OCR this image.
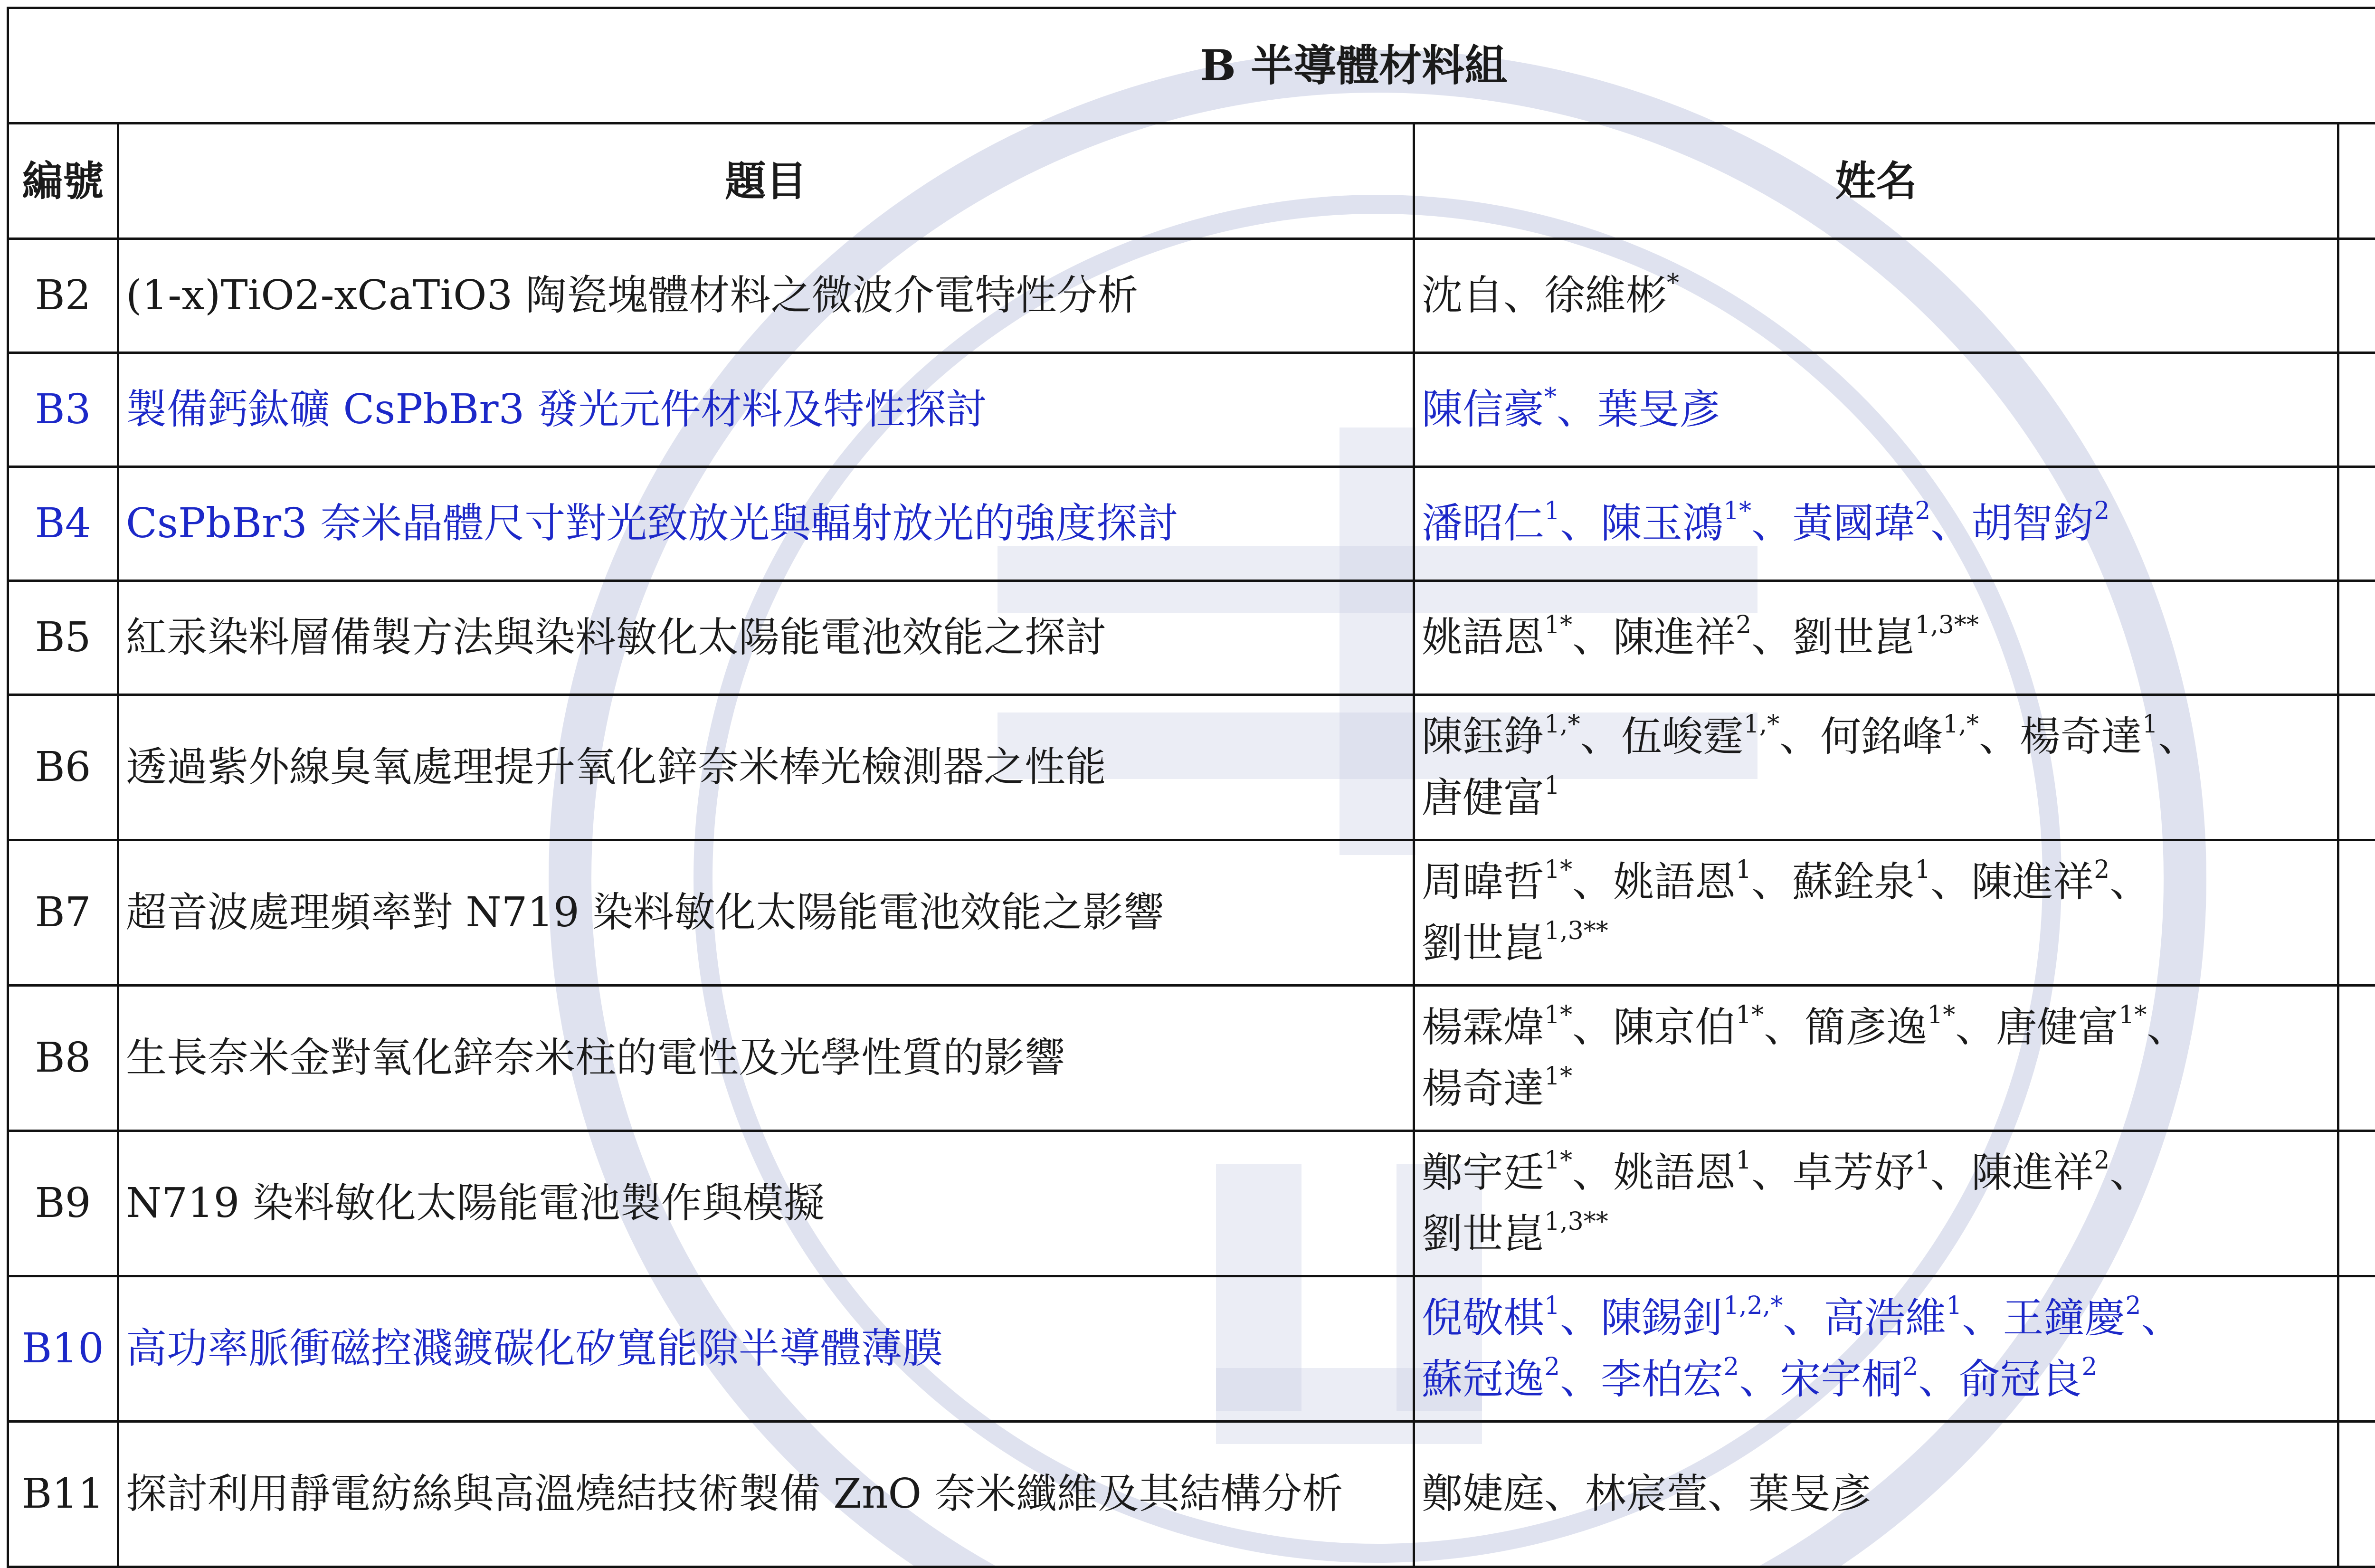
B 半導體材料組			
編號	題目	姓名	
B2	(1-x)TiO2-xCaTiO3 陶瓷塊體材料之微波介電特性分析	沈自、徐維彬*	
B3	製備鈣鈦礦 CsPbBr3 發光元件材料及特性探討	陳信豪*、葉旻彥	
B4	CsPbBr3 奈米晶體尺寸對光致放光與輻射放光的強度探討	潘昭仁$^1$、陳玉鴻$^{1*}$、黃國瑋$^2$、胡智鈞$^2$	
B5	紅汞染料層備製方法與染料敏化太陽能電池效能之探討	姚語恩$^{1*}$、陳進祥$^2$、劉世崑$^{1,3**}$	
B6	透過紫外線臭氧處理提升氧化鋅奈米棒光檢測器之性能	陳鈺錚$^{1,*}$、伍峻霆$^{1,*}$、何銘峰$^{1,*}$、楊奇達$^1$、唐健富$^1$	
B7	超音波處理頻率對 N719 染料敏化太陽能電池效能之影響	周暐哲$^{1*}$、姚語恩$^1$、蘇銓泉$^1$、陳進祥$^2$、劉世崑$^{1,3**}$	
B8	生長奈米金對氧化鋅奈米柱的電性及光學性質的影響	楊霖煒$^{1*}$、陳京伯$^{1*}$、簡彥逸$^{1*}$、唐健富$^{1*}$、楊奇達$^{1*}$	
B9	N719 染料敏化太陽能電池製作與模擬	鄭宇廷$^{1*}$、姚語恩$^1$、卓芳妤$^1$、陳進祥$^2$、劉世崑$^{1,3**}$	
B10	高功率脈衝磁控濺鍍碳化矽寬能隙半導體薄膜	倪敬棋$^1$、陳錫釗$^{1,2,*}$、高浩維$^1$、王鐘慶$^2$、蘇冠逸$^2$、李柏宏$^2$、宋宇桐$^2$、俞冠良$^2$	
B11	探討利用靜電紡絲與高溫燒結技術製備 ZnO 奈米纖維及其結構分析	鄭婕庭、林宸萱、葉旻彥	
